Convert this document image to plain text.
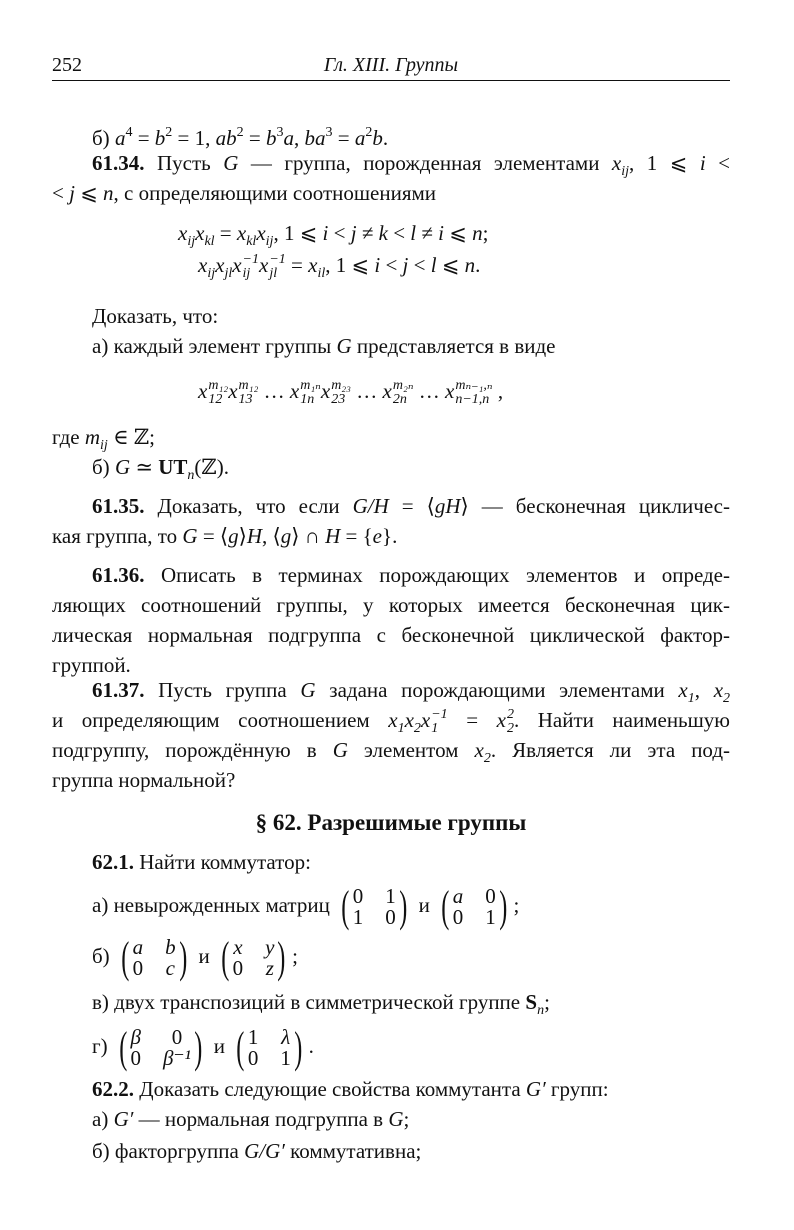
252	Гл. XIII. Группы
б) $a^4 = b^2 = 1$, $ab^2 = b^3a$, $ba^3 = a^2b$.
61.34. Пусть G — группа, порожденная элементами $x_{ij}$, 1 ⩽ i <
< j ⩽ n, с определяющими соотношениями
$x_{ij}x_{kl} = x_{kl}x_{ij}$, 1 ⩽ i < j ≠ k < l ≠ i ⩽ n;
$x_{ij}x_{jl}x -1$
ij x −1
jl = $x_{il}$, 1 ⩽ i < j < l ⩽ n.
Доказать, что:
а) каждый элемент группы G представляется в виде
x m₁₂
12 x m₁₂
13 … x m₁ₙ
1n x m₂₃
23 … x m₂ₙ
2n … x mₙ₋₁,ₙ
n−1,n ,
где $m_{ij}$ ∈ ℤ;
б) G ≃ $UT_n(ℤ)$.
61.35. Доказать, что если G/H = ⟨gH⟩ — бесконечная цикличес-
кая группа, то G = ⟨g⟩H, ⟨g⟩ ∩ H = {e}.
61.36. Описать в терминах порождающих элементов и опреде-
ляющих соотношений группы, у которых имеется бесконечная цик-
лическая нормальная подгруппа с бесконечной циклической фактор-
группой.
61.37. Пусть группа G задана порождающими элементами $x_1$, $x_2$
и определяющим соотношением $x_1x_2x -1$
1 = x 2
2 . Найти наименьшую
подгруппу, порождённую в G элементом $x_2$. Является ли эта под-
группа нормальной?
§ 62. Разрешимые группы
62.1. Найти коммутатор:
а) невырожденных матриц ( 0 1
1 0 ) и ( a 0
0 1 ) ;
б) ( a b
0 c ) и ( x y
0 z ) ;
в) двух транспозиций в симметрической группе $S_n$;
г) ( β	0
0 β⁻¹ ) и ( 1 λ
0 1 ) .
62.2. Доказать следующие свойства коммутанта G′ групп:
а) G′ — нормальная подгруппа в G;
б) факторгруппа G/G′ коммутативна;
